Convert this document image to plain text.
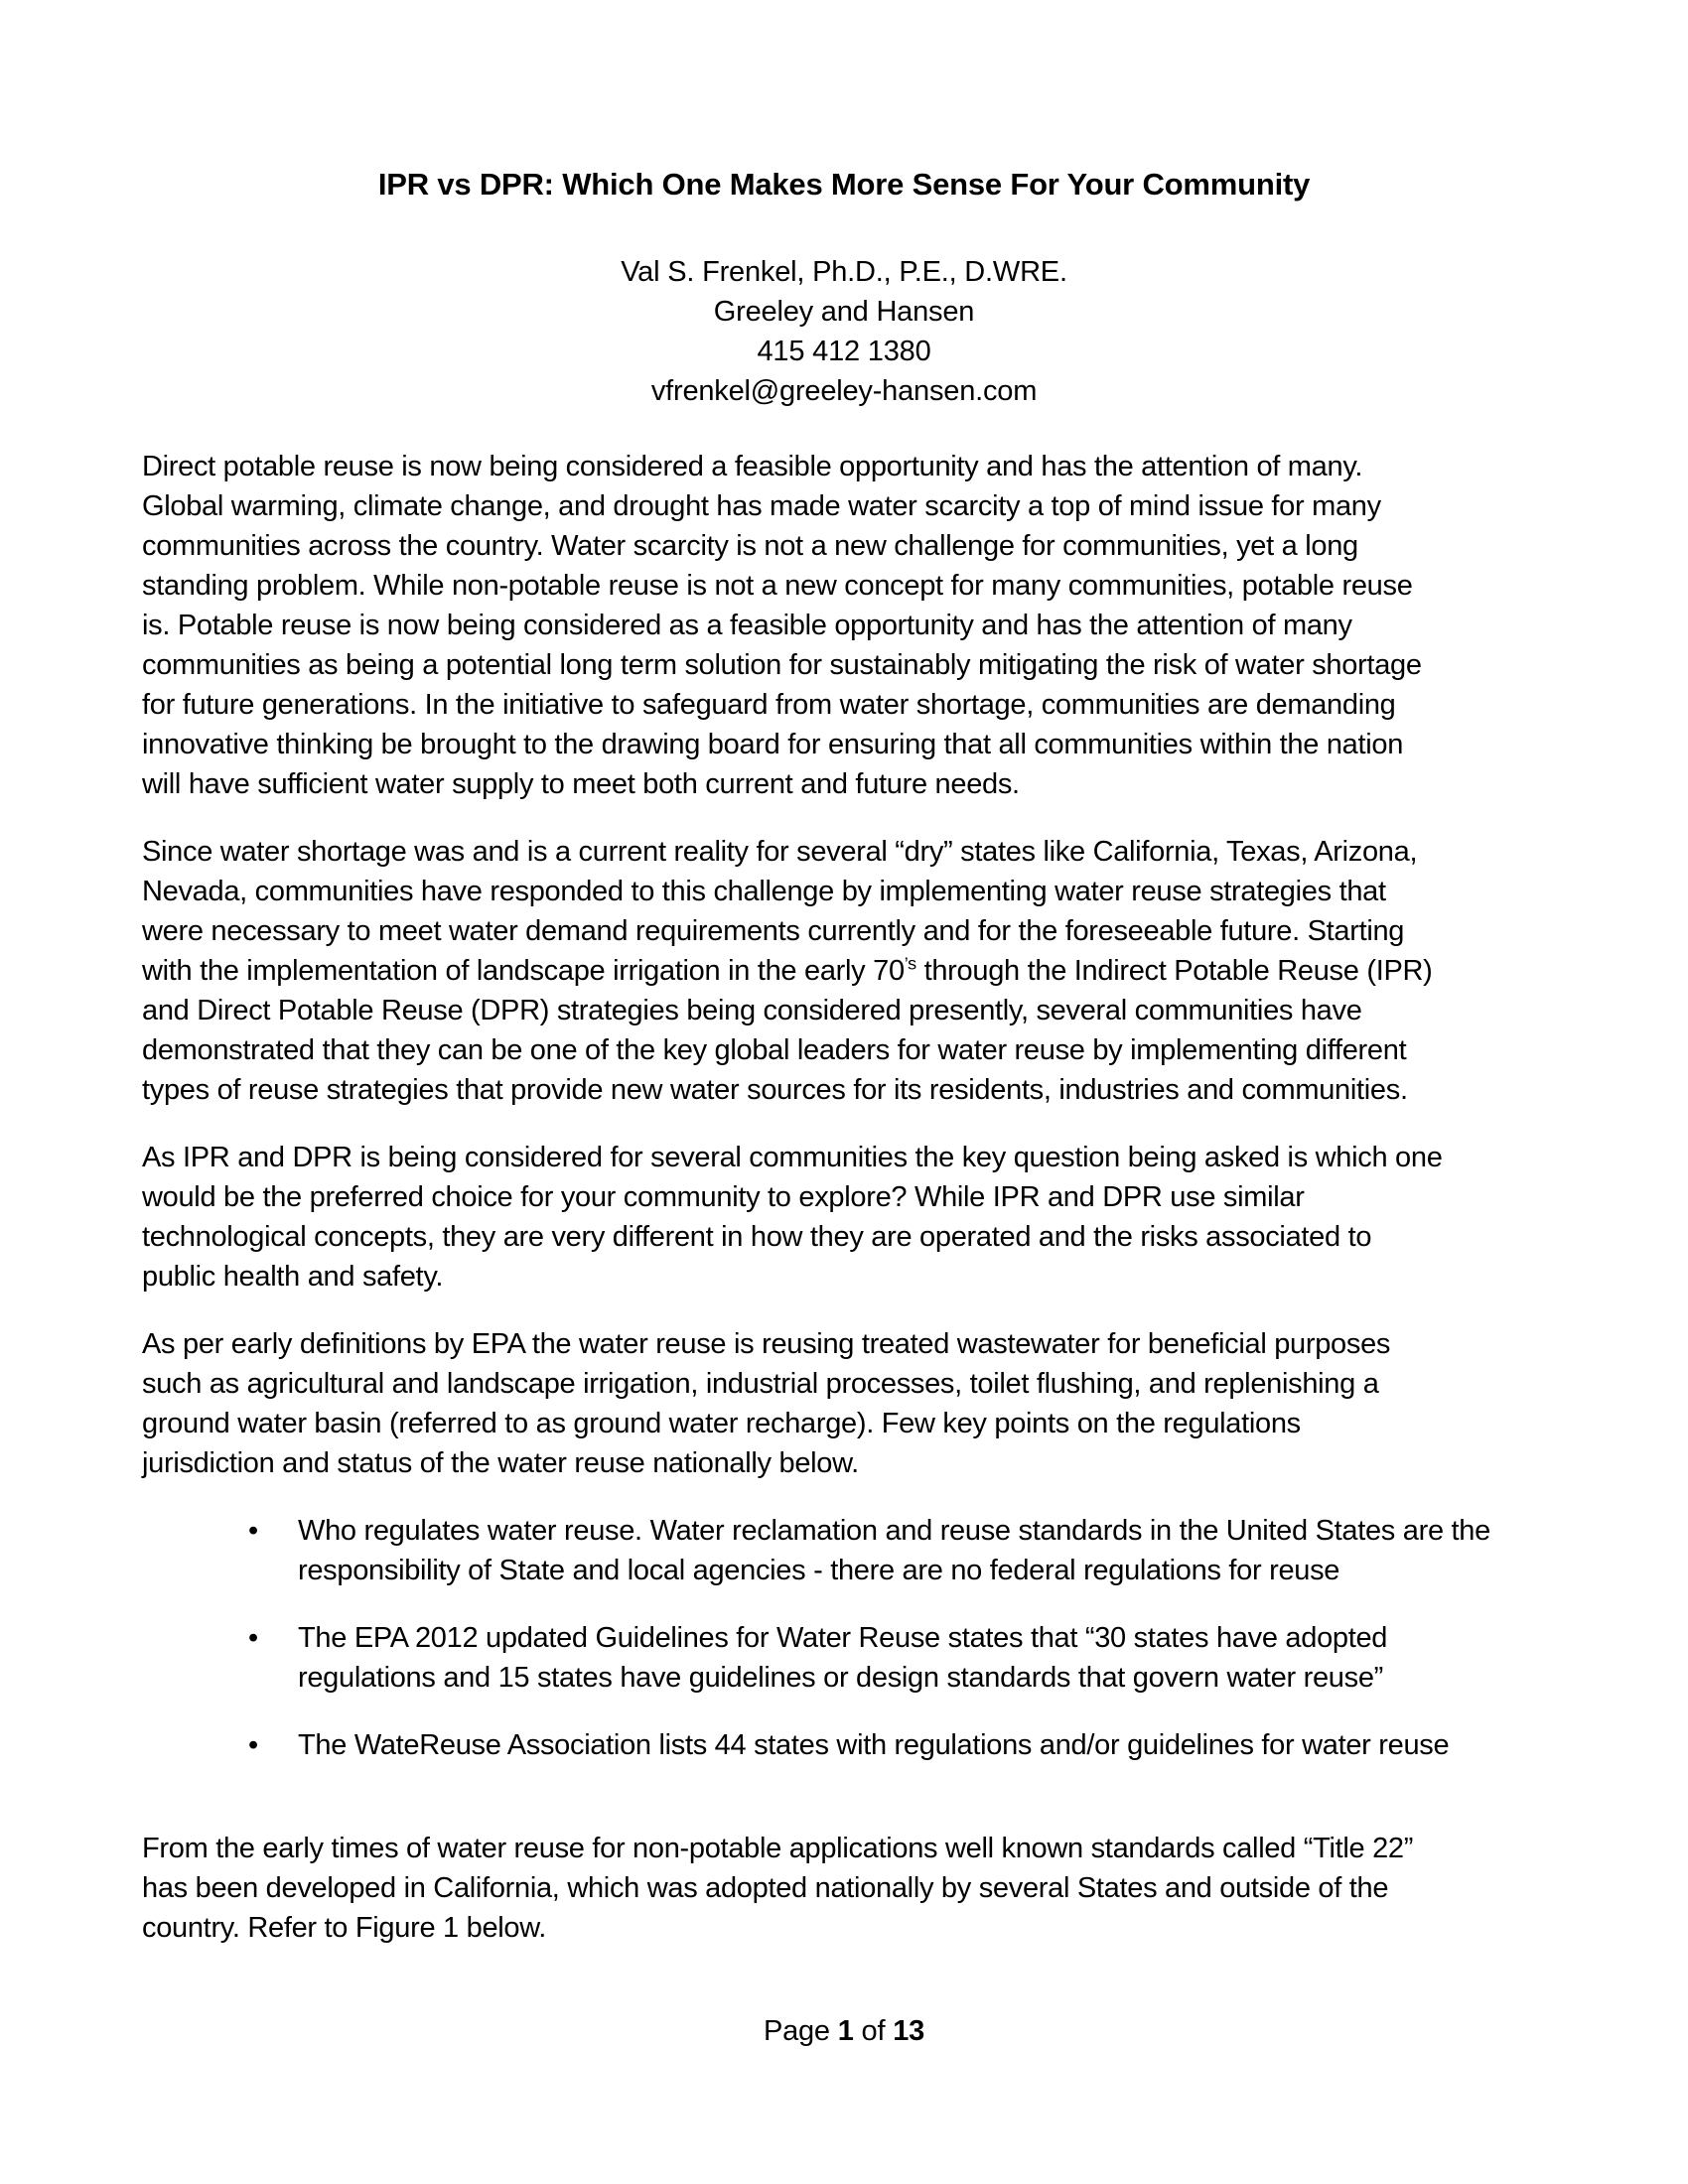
IPR vs DPR: Which One Makes More Sense For Your Community
Val S. Frenkel, Ph.D., P.E., D.WRE.
Greeley and Hansen
415 412 1380
vfrenkel@greeley-hansen.com
Direct potable reuse is now being considered a feasible opportunity and has the attention of many.
Global warming, climate change, and drought has made water scarcity a top of mind issue for many
communities across the country. Water scarcity is not a new challenge for communities, yet a long
standing problem. While non-potable reuse is not a new concept for many communities, potable reuse
is. Potable reuse is now being considered as a feasible opportunity and has the attention of many
communities as being a potential long term solution for sustainably mitigating the risk of water shortage
for future generations. In the initiative to safeguard from water shortage, communities are demanding
innovative thinking be brought to the drawing board for ensuring that all communities within the nation
will have sufficient water supply to meet both current and future needs.
Since water shortage was and is a current reality for several “dry” states like California, Texas, Arizona,
Nevada, communities have responded to this challenge by implementing water reuse strategies that
were necessary to meet water demand requirements currently and for the foreseeable future. Starting
with the implementation of landscape irrigation in the early $70^{’s}$ through the Indirect Potable Reuse (IPR)
and Direct Potable Reuse (DPR) strategies being considered presently, several communities have
demonstrated that they can be one of the key global leaders for water reuse by implementing different
types of reuse strategies that provide new water sources for its residents, industries and communities.
As IPR and DPR is being considered for several communities the key question being asked is which one
would be the preferred choice for your community to explore? While IPR and DPR use similar
technological concepts, they are very different in how they are operated and the risks associated to
public health and safety.
As per early definitions by EPA the water reuse is reusing treated wastewater for beneficial purposes
such as agricultural and landscape irrigation, industrial processes, toilet flushing, and replenishing a
ground water basin (referred to as ground water recharge). Few key points on the regulations
jurisdiction and status of the water reuse nationally below.
• Who regulates water reuse. Water reclamation and reuse standards in the United States are the
responsibility of State and local agencies - there are no federal regulations for reuse
• The EPA 2012 updated Guidelines for Water Reuse states that “30 states have adopted
regulations and 15 states have guidelines or design standards that govern water reuse”
• The WateReuse Association lists 44 states with regulations and/or guidelines for water reuse
From the early times of water reuse for non-potable applications well known standards called “Title 22”
has been developed in California, which was adopted nationally by several States and outside of the
country. Refer to Figure 1 below.
Page 1 of 13
